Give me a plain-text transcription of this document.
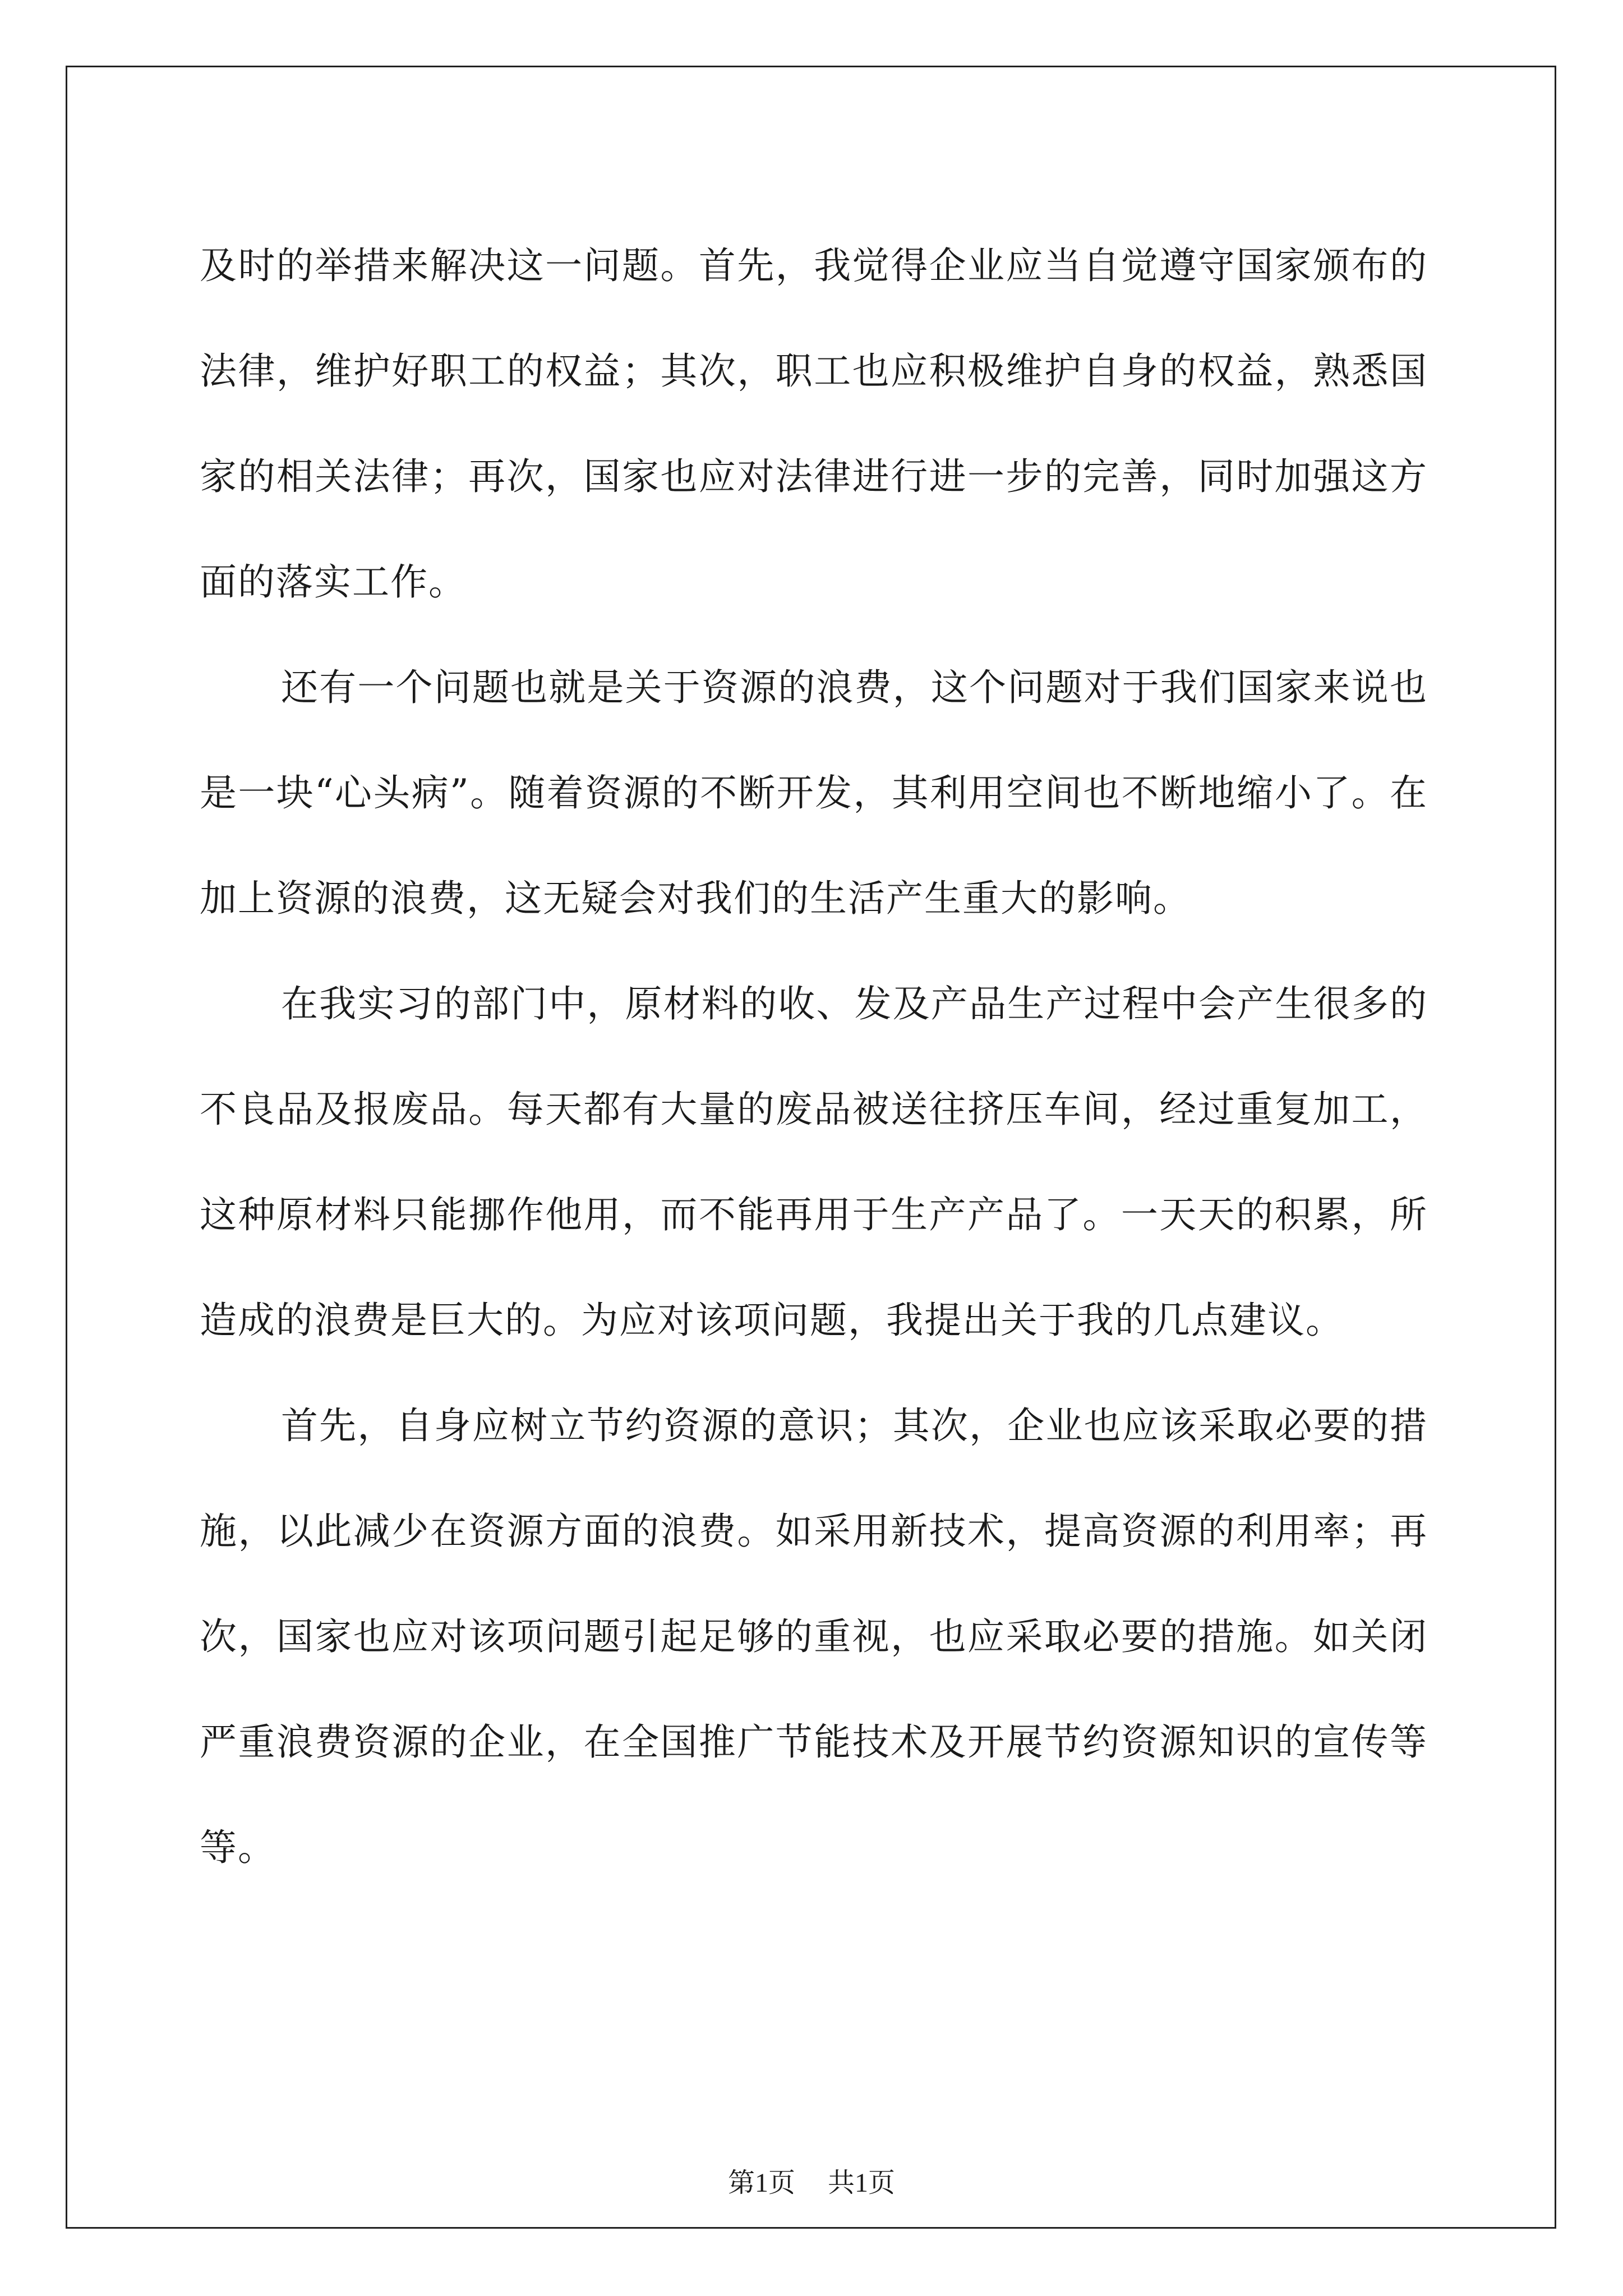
及时的举措来解决这一问题。首先，我觉得企业应当自觉遵守国家颁布的法律，维护好职工的权益；其次，职工也应积极维护自身的权益，熟悉国家的相关法律；再次，国家也应对法律进行进一步的完善，同时加强这方面的落实工作。

还有一个问题也就是关于资源的浪费，这个问题对于我们国家来说也是一块“心头病”。随着资源的不断开发，其利用空间也不断地缩小了。在加上资源的浪费，这无疑会对我们的生活产生重大的影响。

在我实习的部门中，原材料的收、发及产品生产过程中会产生很多的不良品及报废品。每天都有大量的废品被送往挤压车间，经过重复加工，这种原材料只能挪作他用，而不能再用于生产产品了。一天天的积累，所造成的浪费是巨大的。为应对该项问题，我提出关于我的几点建议。

首先，自身应树立节约资源的意识；其次，企业也应该采取必要的措施，以此减少在资源方面的浪费。如采用新技术，提高资源的利用率；再次，国家也应对该项问题引起足够的重视，也应采取必要的措施。如关闭严重浪费资源的企业，在全国推广节能技术及开展节约资源知识的宣传等等。

第1页 共1页
